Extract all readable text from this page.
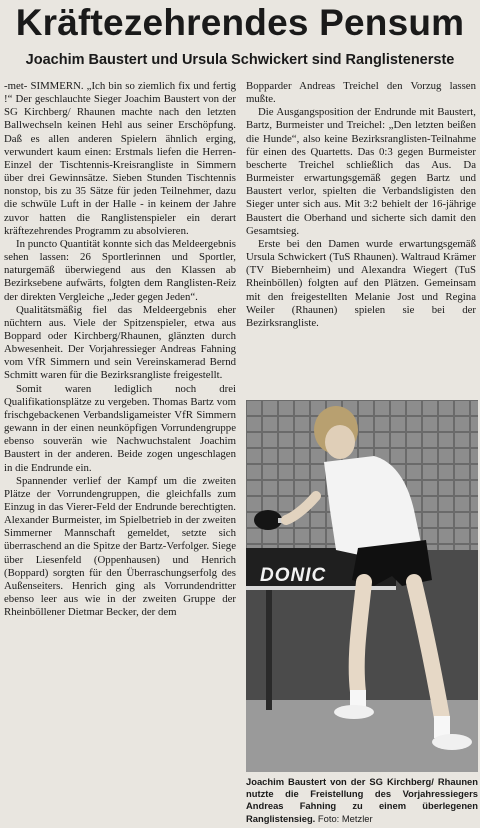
Kräftezehrendes Pensum
Joachim Baustert und Ursula Schwickert sind Ranglistenerste

-met- SIMMERN. „Ich bin so ziemlich fix und fertig !“ Der geschlauchte Sieger Joachim Baustert von der SG Kirchberg/ Rhaunen machte nach den letzten Ballwechseln keinen Hehl aus seiner Erschöpfung. Daß es allen anderen Spielern ähnlich erging, verwundert kaum einen: Erstmals liefen die Herren-Einzel der Tischtennis-Kreisrangliste in Simmern über drei Gewinnsätze. Sieben Stunden Tischtennis nonstop, bis zu 35 Sätze für jeden Teilnehmer, dazu die schwüle Luft in der Halle - in keinem der Jahre zuvor hatten die Ranglistenspieler ein derart kräftezehrendes Programm zu absolvieren.

In puncto Quantität konnte sich das Meldeergebnis sehen lassen: 26 Sportlerinnen und Sportler, naturgemäß überwiegend aus den Klassen ab Bezirksebene aufwärts, folgten dem Ranglisten-Reiz der direkten Vergleiche „Jeder gegen Jeden“.

Qualitätsmäßig fiel das Meldeergebnis eher nüchtern aus. Viele der Spitzenspieler, etwa aus Boppard oder Kirchberg/Rhaunen, glänzten durch Abwesenheit. Der Vorjahressieger Andreas Fahning vom VfR Simmern und sein Vereinskamerad Bernd Schmitt waren für die Bezirksrangliste freigestellt.

Somit waren lediglich noch drei Qualifikationsplätze zu vergeben. Thomas Bartz vom frischgebackenen Verbandsligameister VfR Simmern gewann in der einen neunköpfigen Vorrundengruppe ebenso souverän wie Nachwuchstalent Joachim Baustert in der anderen. Beide zogen ungeschlagen in die Endrunde ein.

Spannender verlief der Kampf um die zweiten Plätze der Vorrundengruppen, die gleichfalls zum Einzug in das Vierer-Feld der Endrunde berechtigten. Alexander Burmeister, im Spielbetrieb in der zweiten Simmerner Mannschaft gemeldet, setzte sich überraschend an die Spitze der Bartz-Verfolger. Siege über Liesenfeld (Oppenhausen) und Henrich (Boppard) sorgten für den Überraschungserfolg des Außenseiters. Henrich ging als Vorrundendritter ebenso leer aus wie in der zweiten Gruppe der Rheinböllener Dietmar Becker, der dem

Bopparder Andreas Treichel den Vorzug lassen mußte.

Die Ausgangsposition der Endrunde mit Baustert, Bartz, Burmeister und Treichel: „Den letzten beißen die Hunde“, also keine Bezirksranglisten-Teilnahme für einen des Quartetts. Das 0:3 gegen Burmeister bescherte Treichel schließlich das Aus. Da Burmeister erwartungsgemäß gegen Bartz und Baustert verlor, spielten die Verbandsligisten den Sieger unter sich aus. Mit 3:2 behielt der 16-jährige Baustert die Oberhand und sicherte sich damit den Gesamtsieg.

Erste bei den Damen wurde erwartungsgemäß Ursula Schwickert (TuS Rhaunen). Waltraud Krämer (TV Biebernheim) und Alexandra Wiegert (TuS Rheinböllen) folgten auf den Plätzen. Gemeinsam mit den freigestellten Melanie Jost und Regina Weiler (Rhaunen) spielen sie bei der Bezirksrangliste.

DONIC
Joachim Baustert von der SG Kirchberg/ Rhaunen nutzte die Freistellung des Vorjahressiegers Andreas Fahning zu einem überlegenen Ranglistensieg. Foto: Metzler
